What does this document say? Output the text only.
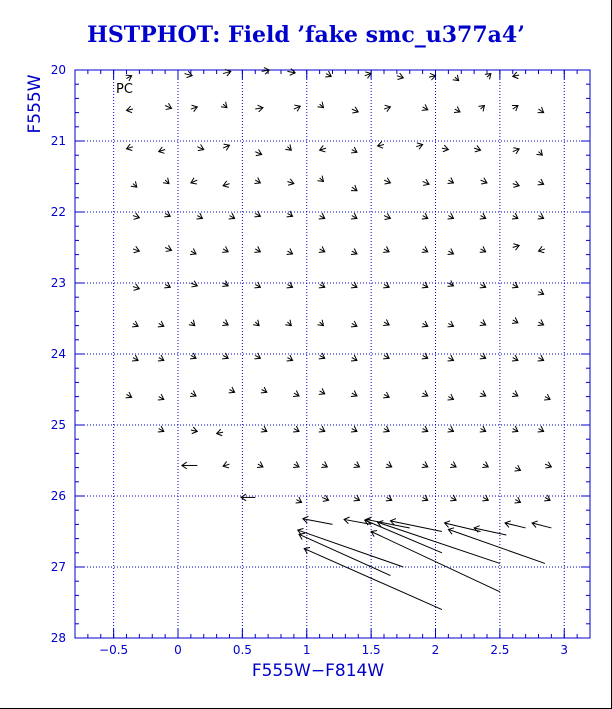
HSTPHOT: Field ’fake smc_u377a4’
−0.5	0	0.5	1	1.5	2	2.5	3
20
21
22
23
24
25
26
27
28
PC
F555W−F814W
F555W
